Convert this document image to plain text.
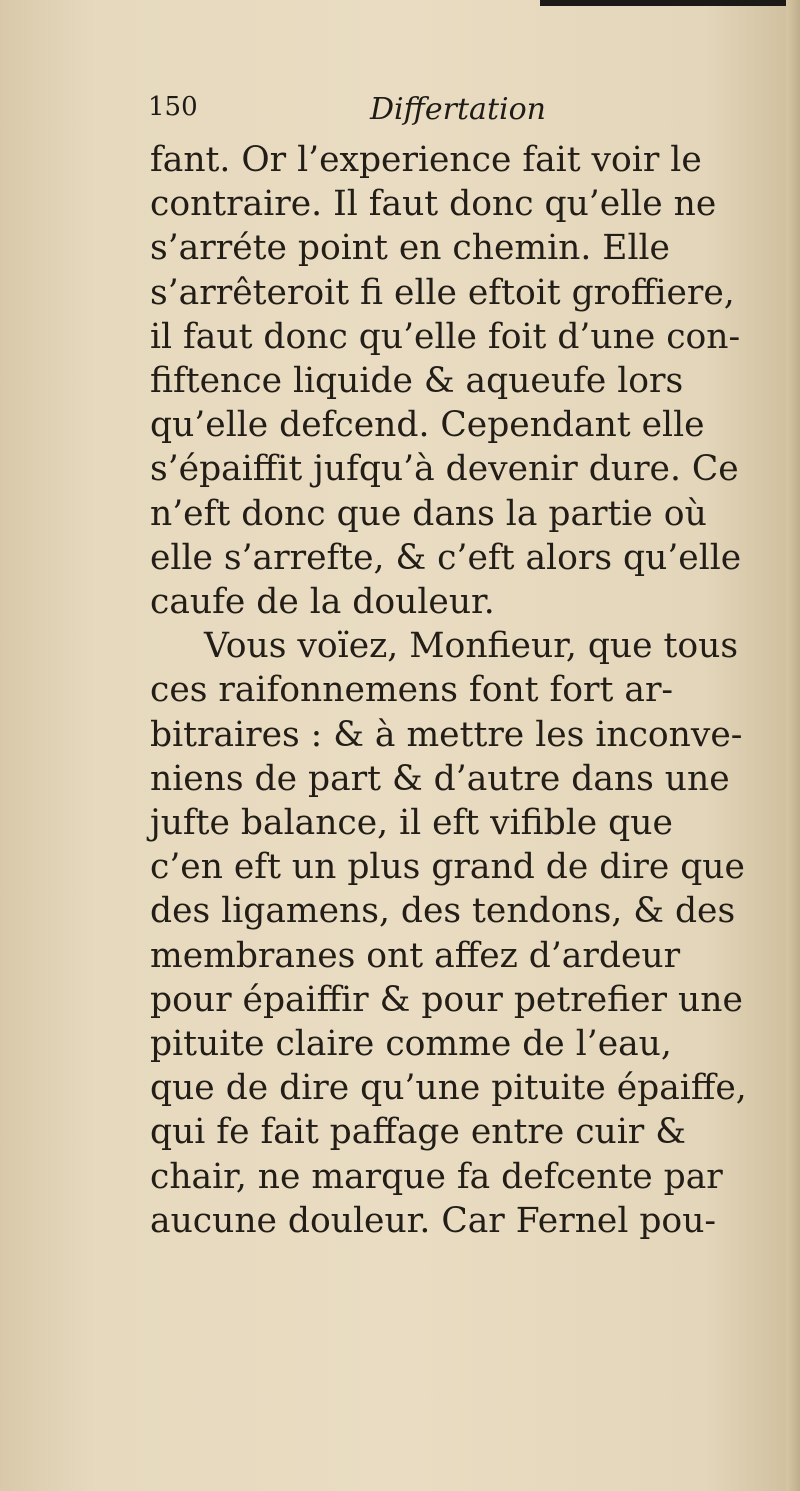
150	Differtation
fant. Or l’experience fait voir le
contraire. Il faut donc qu’elle ne
s’arréte point en chemin. Elle
s’arrêteroit fi elle eftoit groffiere,
il faut donc qu’elle foit d’une con-
fiftence liquide & aqueufe lors
qu’elle defcend. Cependant elle
s’épaiffit jufqu’à devenir dure. Ce
n’eft donc que dans la partie où
elle s’arrefte, & c’eft alors qu’elle
caufe de la douleur.
Vous voïez, Monfieur, que tous
ces raifonnemens font fort ar-
bitraires : & à mettre les inconve-
niens de part & d’autre dans une
jufte balance, il eft vifible que
c’en eft un plus grand de dire que
des ligamens, des tendons, & des
membranes ont affez d’ardeur
pour épaiffir & pour petrefier une
pituite claire comme de l’eau,
que de dire qu’une pituite épaiffe,
qui fe fait paffage entre cuir &
chair, ne marque fa defcente par
aucune douleur. Car Fernel pou-
